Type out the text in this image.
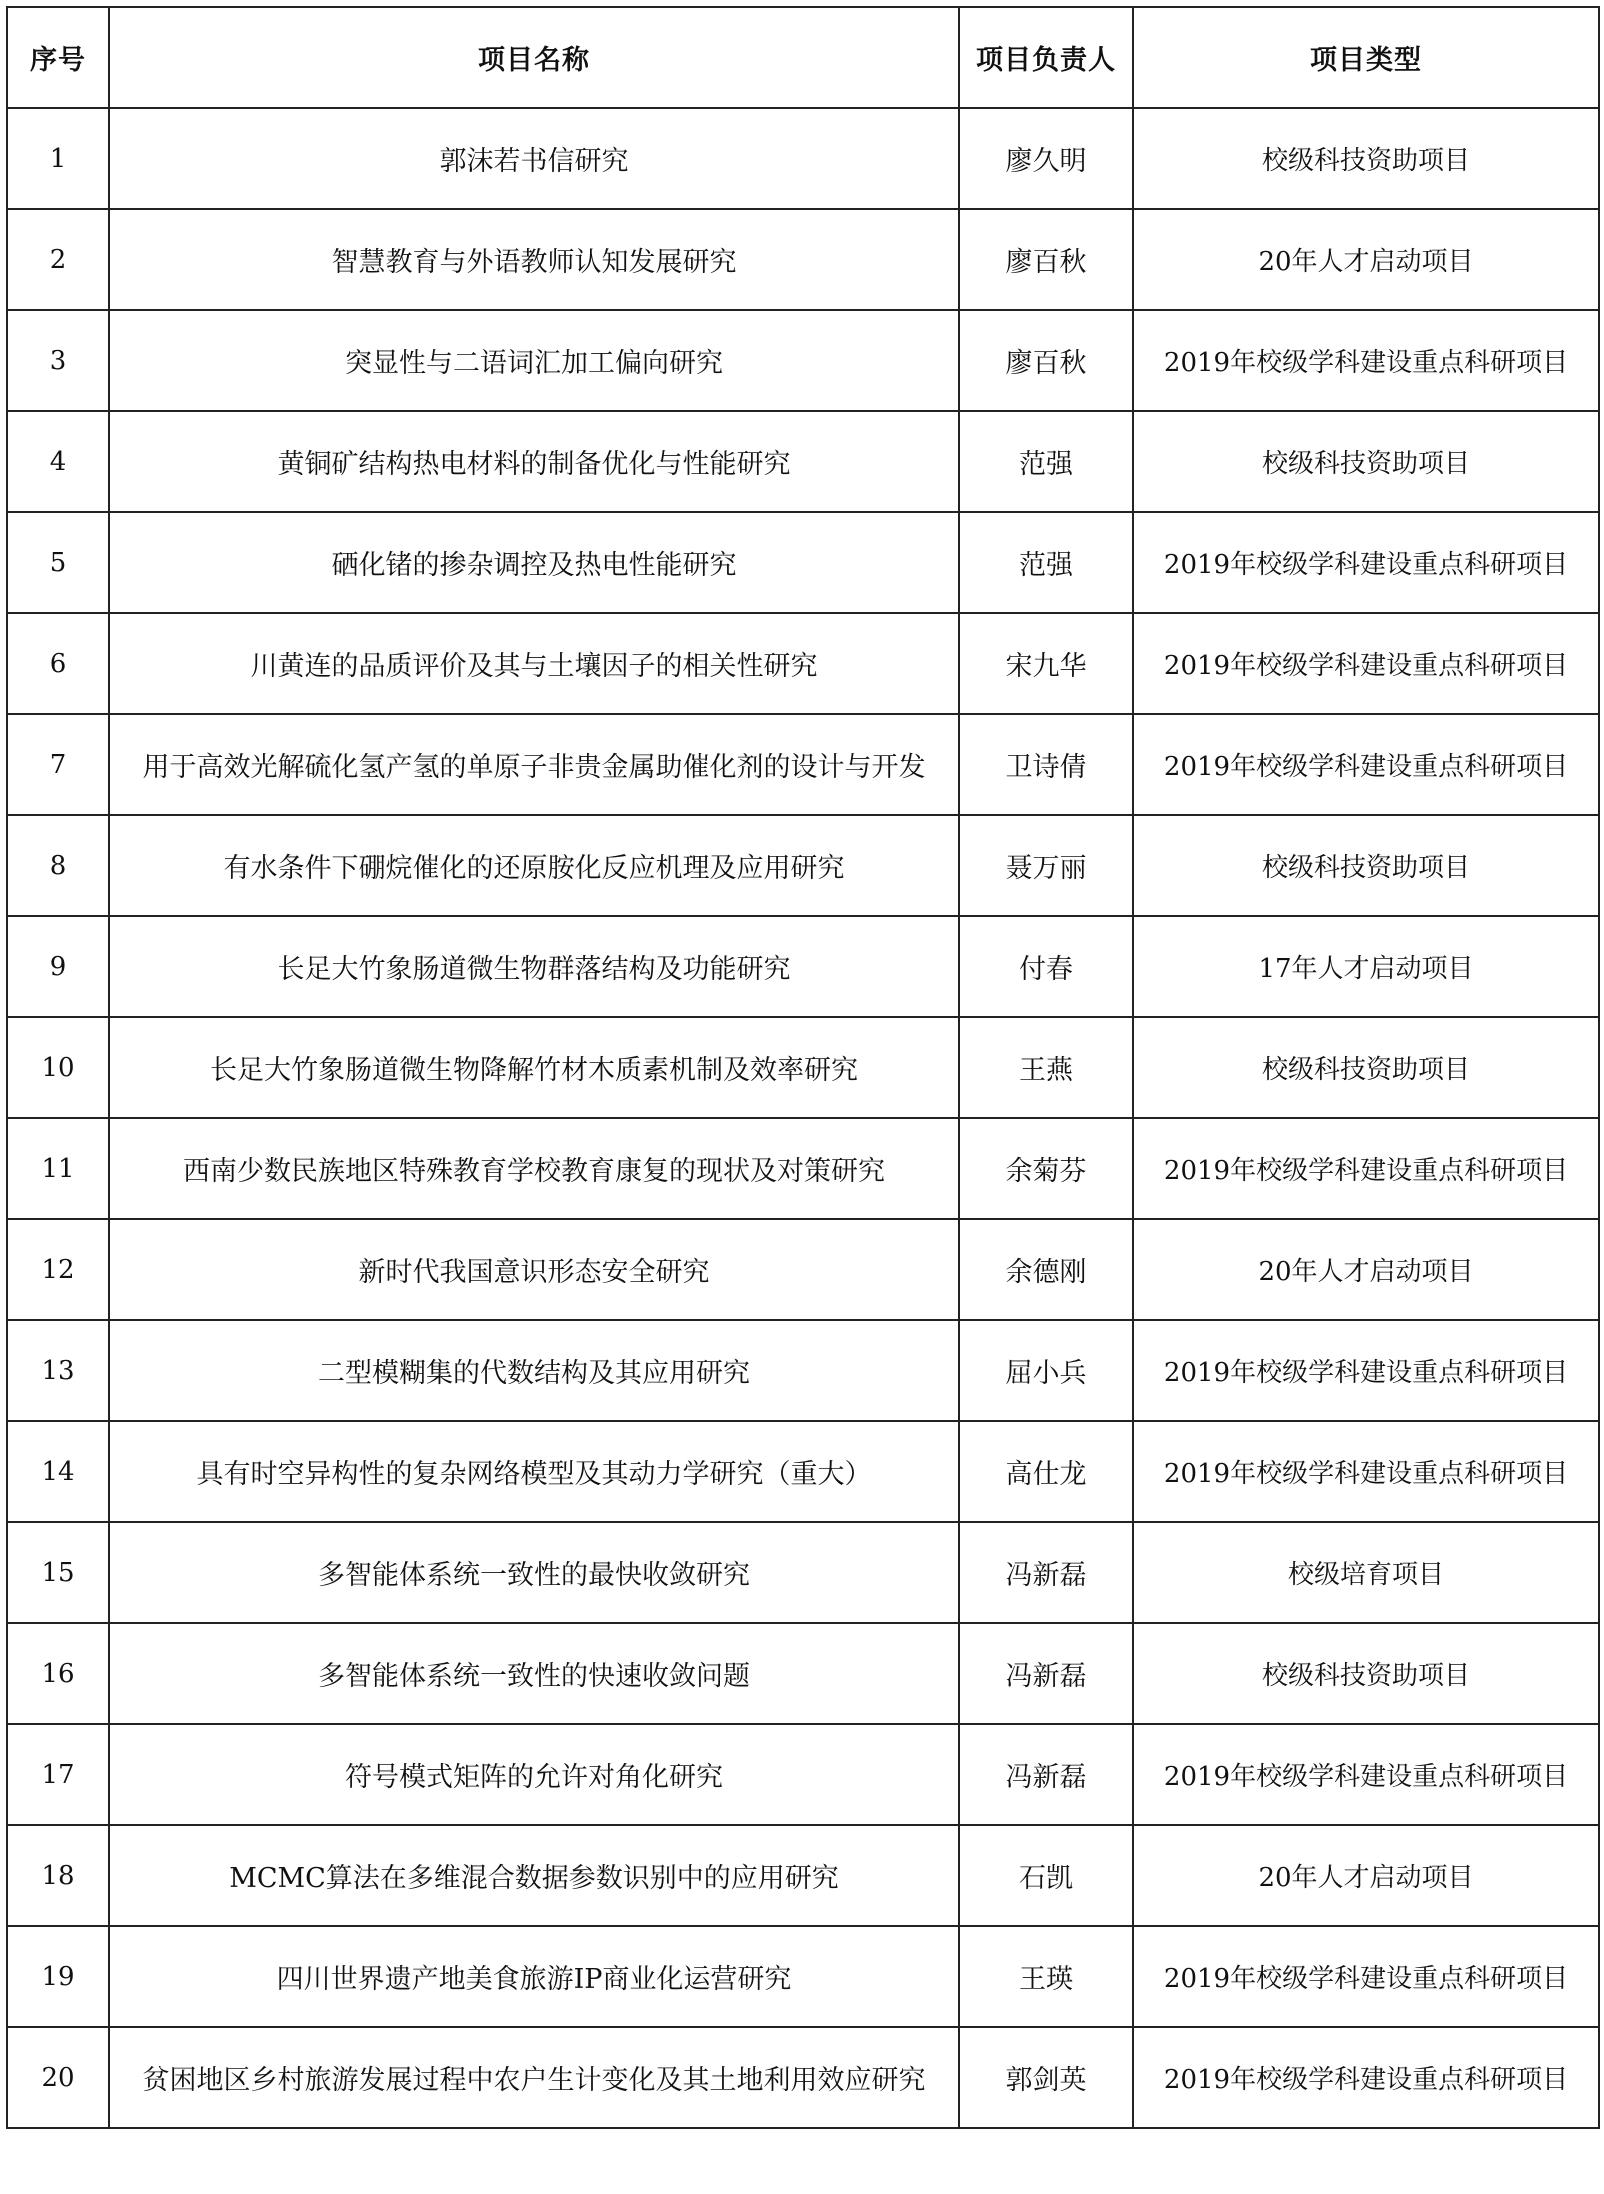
序号	项目名称	项目负责人	项目类型
1	郭沫若书信研究	廖久明	校级科技资助项目
2	智慧教育与外语教师认知发展研究	廖百秋	20年人才启动项目
3	突显性与二语词汇加工偏向研究	廖百秋	2019年校级学科建设重点科研项目
4	黄铜矿结构热电材料的制备优化与性能研究	范强	校级科技资助项目
5	硒化锗的掺杂调控及热电性能研究	范强	2019年校级学科建设重点科研项目
6	川黄连的品质评价及其与土壤因子的相关性研究	宋九华	2019年校级学科建设重点科研项目
7	用于高效光解硫化氢产氢的单原子非贵金属助催化剂的设计与开发	卫诗倩	2019年校级学科建设重点科研项目
8	有水条件下硼烷催化的还原胺化反应机理及应用研究	聂万丽	校级科技资助项目
9	长足大竹象肠道微生物群落结构及功能研究	付春	17年人才启动项目
10	长足大竹象肠道微生物降解竹材木质素机制及效率研究	王燕	校级科技资助项目
11	西南少数民族地区特殊教育学校教育康复的现状及对策研究	余菊芬	2019年校级学科建设重点科研项目
12	新时代我国意识形态安全研究	余德刚	20年人才启动项目
13	二型模糊集的代数结构及其应用研究	屈小兵	2019年校级学科建设重点科研项目
14	具有时空异构性的复杂网络模型及其动力学研究（重大）	高仕龙	2019年校级学科建设重点科研项目
15	多智能体系统一致性的最快收敛研究	冯新磊	校级培育项目
16	多智能体系统一致性的快速收敛问题	冯新磊	校级科技资助项目
17	符号模式矩阵的允许对角化研究	冯新磊	2019年校级学科建设重点科研项目
18	MCMC算法在多维混合数据参数识别中的应用研究	石凯	20年人才启动项目
19	四川世界遗产地美食旅游IP商业化运营研究	王瑛	2019年校级学科建设重点科研项目
20	贫困地区乡村旅游发展过程中农户生计变化及其土地利用效应研究	郭剑英	2019年校级学科建设重点科研项目
